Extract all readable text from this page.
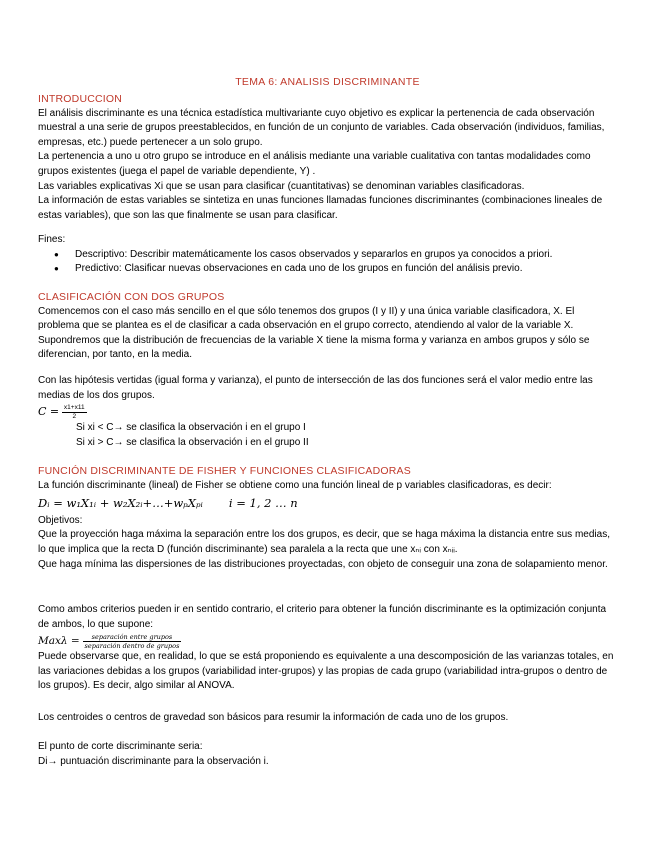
TEMA 6: ANALISIS DISCRIMINANTE

INTRODUCCION

El análisis discriminante es una técnica estadística multivariante cuyo objetivo es explicar la pertenencia de cada observación muestral a una serie de grupos preestablecidos, en función de un conjunto de variables. Cada observación (individuos, familias, empresas, etc.) puede pertenecer a un solo grupo.

La pertenencia a uno u otro grupo se introduce en el análisis mediante una variable cualitativa con tantas modalidades como grupos existentes (juega el papel de variable dependiente, Y) .

Las variables explicativas Xi que se usan para clasificar (cuantitativas) se denominan variables clasificadoras.

La información de estas variables se sintetiza en unas funciones llamadas funciones discriminantes (combinaciones lineales de estas variables), que son las que finalmente se usan para clasificar.

Fines:

● Descriptivo: Describir matemáticamente los casos observados y separarlos en grupos ya conocidos a priori.
● Predictivo: Clasificar nuevas observaciones en cada uno de los grupos en función del análisis previo.

CLASIFICACIÓN CON DOS GRUPOS

Comencemos con el caso más sencillo en el que sólo tenemos dos grupos (I y II) y una única variable clasificadora, X. El problema que se plantea es el de clasificar a cada observación en el grupo correcto, atendiendo al valor de la variable X. Supondremos que la distribución de frecuencias de la variable X tiene la misma forma y varianza en ambos grupos y sólo se diferencian, por tanto, en la media.

Con las hipótesis vertidas (igual forma y varianza), el punto de intersección de las dos funciones será el valor medio entre las medias de los dos grupos.

$C = \frac{x1+x11}{2}$

Si xi < C→ se clasifica la observación i en el grupo I

Si xi > C→ se clasifica la observación i en el grupo II

FUNCIÓN DISCRIMINANTE DE FISHER Y FUNCIONES CLASIFICADORAS

La función discriminante (lineal) de Fisher se obtiene como una función lineal de p variables clasificadoras, es decir:

Dᵢ = w₁X₁ᵢ + w₂X₂ᵢ+…+wₚXₚᵢ i = 1, 2 … n

Objetivos:

Que la proyección haga máxima la separación entre los dos grupos, es decir, que se haga máxima la distancia entre sus medias, lo que implica que la recta D (función discriminante) sea paralela a la recta que une xₙᵢ con xₙᵢᵢ.

Que haga mínima las dispersiones de las distribuciones proyectadas, con objeto de conseguir una zona de solapamiento menor.

Como ambos criterios pueden ir en sentido contrario, el criterio para obtener la función discriminante es la optimización conjunta de ambos, lo que supone:

$Max\lambda = \frac{\text{separación entre grupos}}{\text{separación dentro de grupos}}$

Puede observarse que, en realidad, lo que se está proponiendo es equivalente a una descomposición de las varianzas totales, en las variaciones debidas a los grupos (variabilidad inter-grupos) y las propias de cada grupo (variabilidad intra-grupos o dentro de los grupos). Es decir, algo similar al ANOVA.

Los centroides o centros de gravedad son básicos para resumir la información de cada uno de los grupos.

El punto de corte discriminante seria:

Di→ puntuación discriminante para la observación i.
